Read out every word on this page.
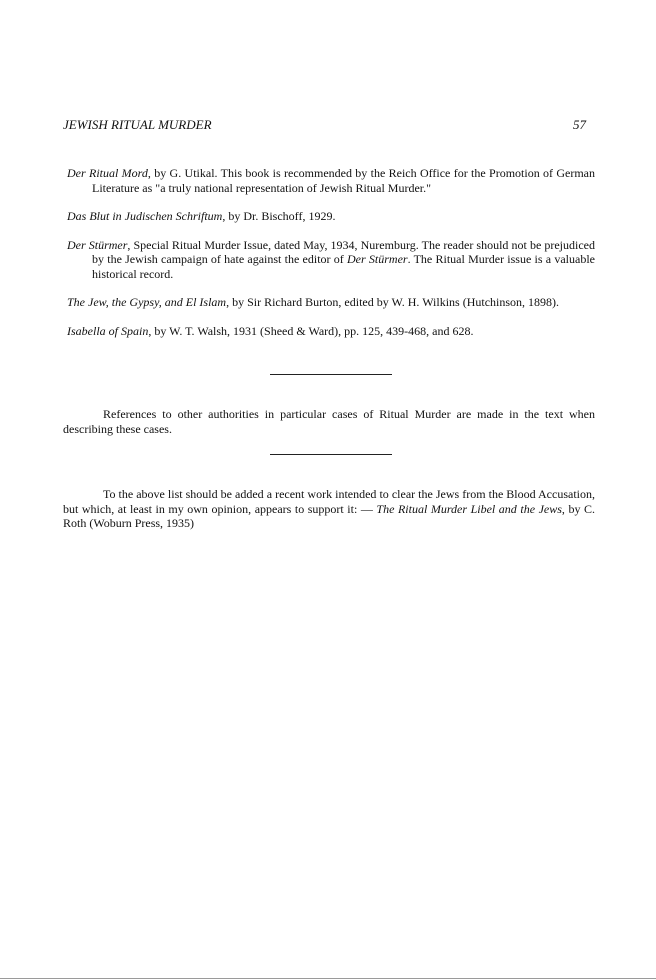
JEWISH RITUAL MURDER	57

Der Ritual Mord, by G. Utikal. This book is recommended by the Reich Office for the Promotion of German Literature as "a truly national representation of Jewish Ritual Murder."

Das Blut in Judischen Schriftum, by Dr. Bischoff, 1929.

Der Stürmer, Special Ritual Murder Issue, dated May, 1934, Nuremburg. The reader should not be prejudiced by the Jewish campaign of hate against the editor of Der Stürmer. The Ritual Murder issue is a valuable historical record.

The Jew, the Gypsy, and El Islam, by Sir Richard Burton, edited by W. H. Wilkins (Hutchinson, 1898).

Isabella of Spain, by W. T. Walsh, 1931 (Sheed & Ward), pp. 125, 439-468, and 628.

References to other authorities in particular cases of Ritual Murder are made in the text when describing these cases.

To the above list should be added a recent work intended to clear the Jews from the Blood Accusation, but which, at least in my own opinion, appears to support it: — The Ritual Murder Libel and the Jews, by C. Roth (Woburn Press, 1935)
